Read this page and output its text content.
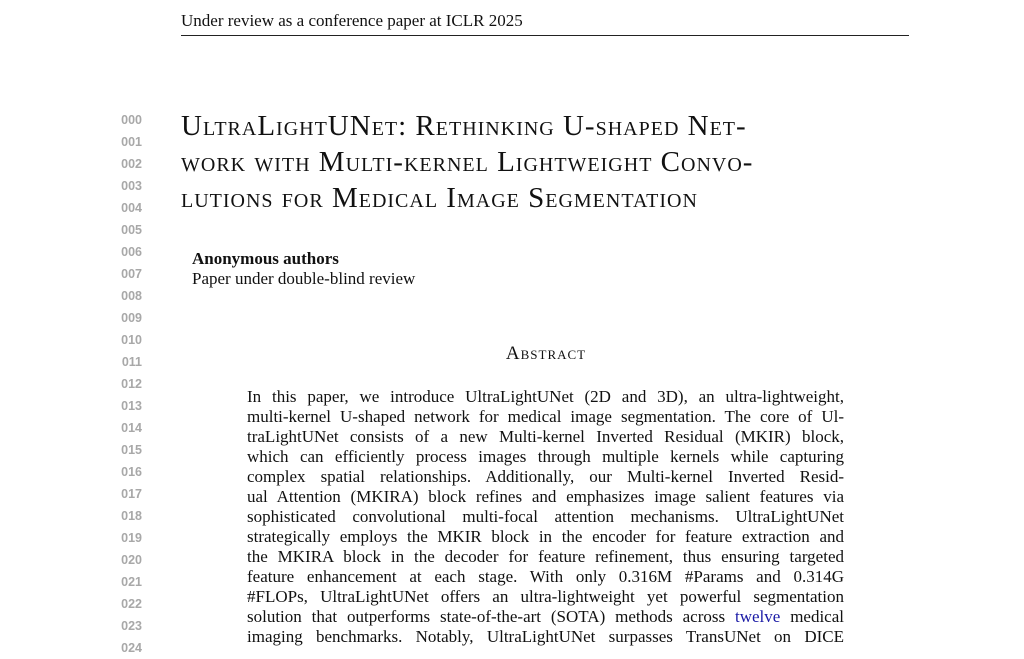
Under review as a conference paper at ICLR 2025
000
001
002
003
004
005
006
007
008
009
010
011
012
013
014
015
016
017
018
019
020
021
022
023
024
UltraLightUNet: Rethinking U-shaped Net-
work with Multi-kernel Lightweight Convo-
lutions for Medical Image Segmentation
Anonymous authors
Paper under double-blind review
Abstract
In this paper, we introduce UltraLightUNet (2D and 3D), an ultra-lightweight,
multi-kernel U-shaped network for medical image segmentation. The core of Ul-
traLightUNet consists of a new Multi-kernel Inverted Residual (MKIR) block,
which can efficiently process images through multiple kernels while capturing
complex spatial relationships. Additionally, our Multi-kernel Inverted Resid-
ual Attention (MKIRA) block refines and emphasizes image salient features via
sophisticated convolutional multi-focal attention mechanisms. UltraLightUNet
strategically employs the MKIR block in the encoder for feature extraction and
the MKIRA block in the decoder for feature refinement, thus ensuring targeted
feature enhancement at each stage. With only 0.316M #Params and 0.314G
#FLOPs, UltraLightUNet offers an ultra-lightweight yet powerful segmentation
solution that outperforms state-of-the-art (SOTA) methods across twelve medical
imaging benchmarks. Notably, UltraLightUNet surpasses TransUNet on DICE
